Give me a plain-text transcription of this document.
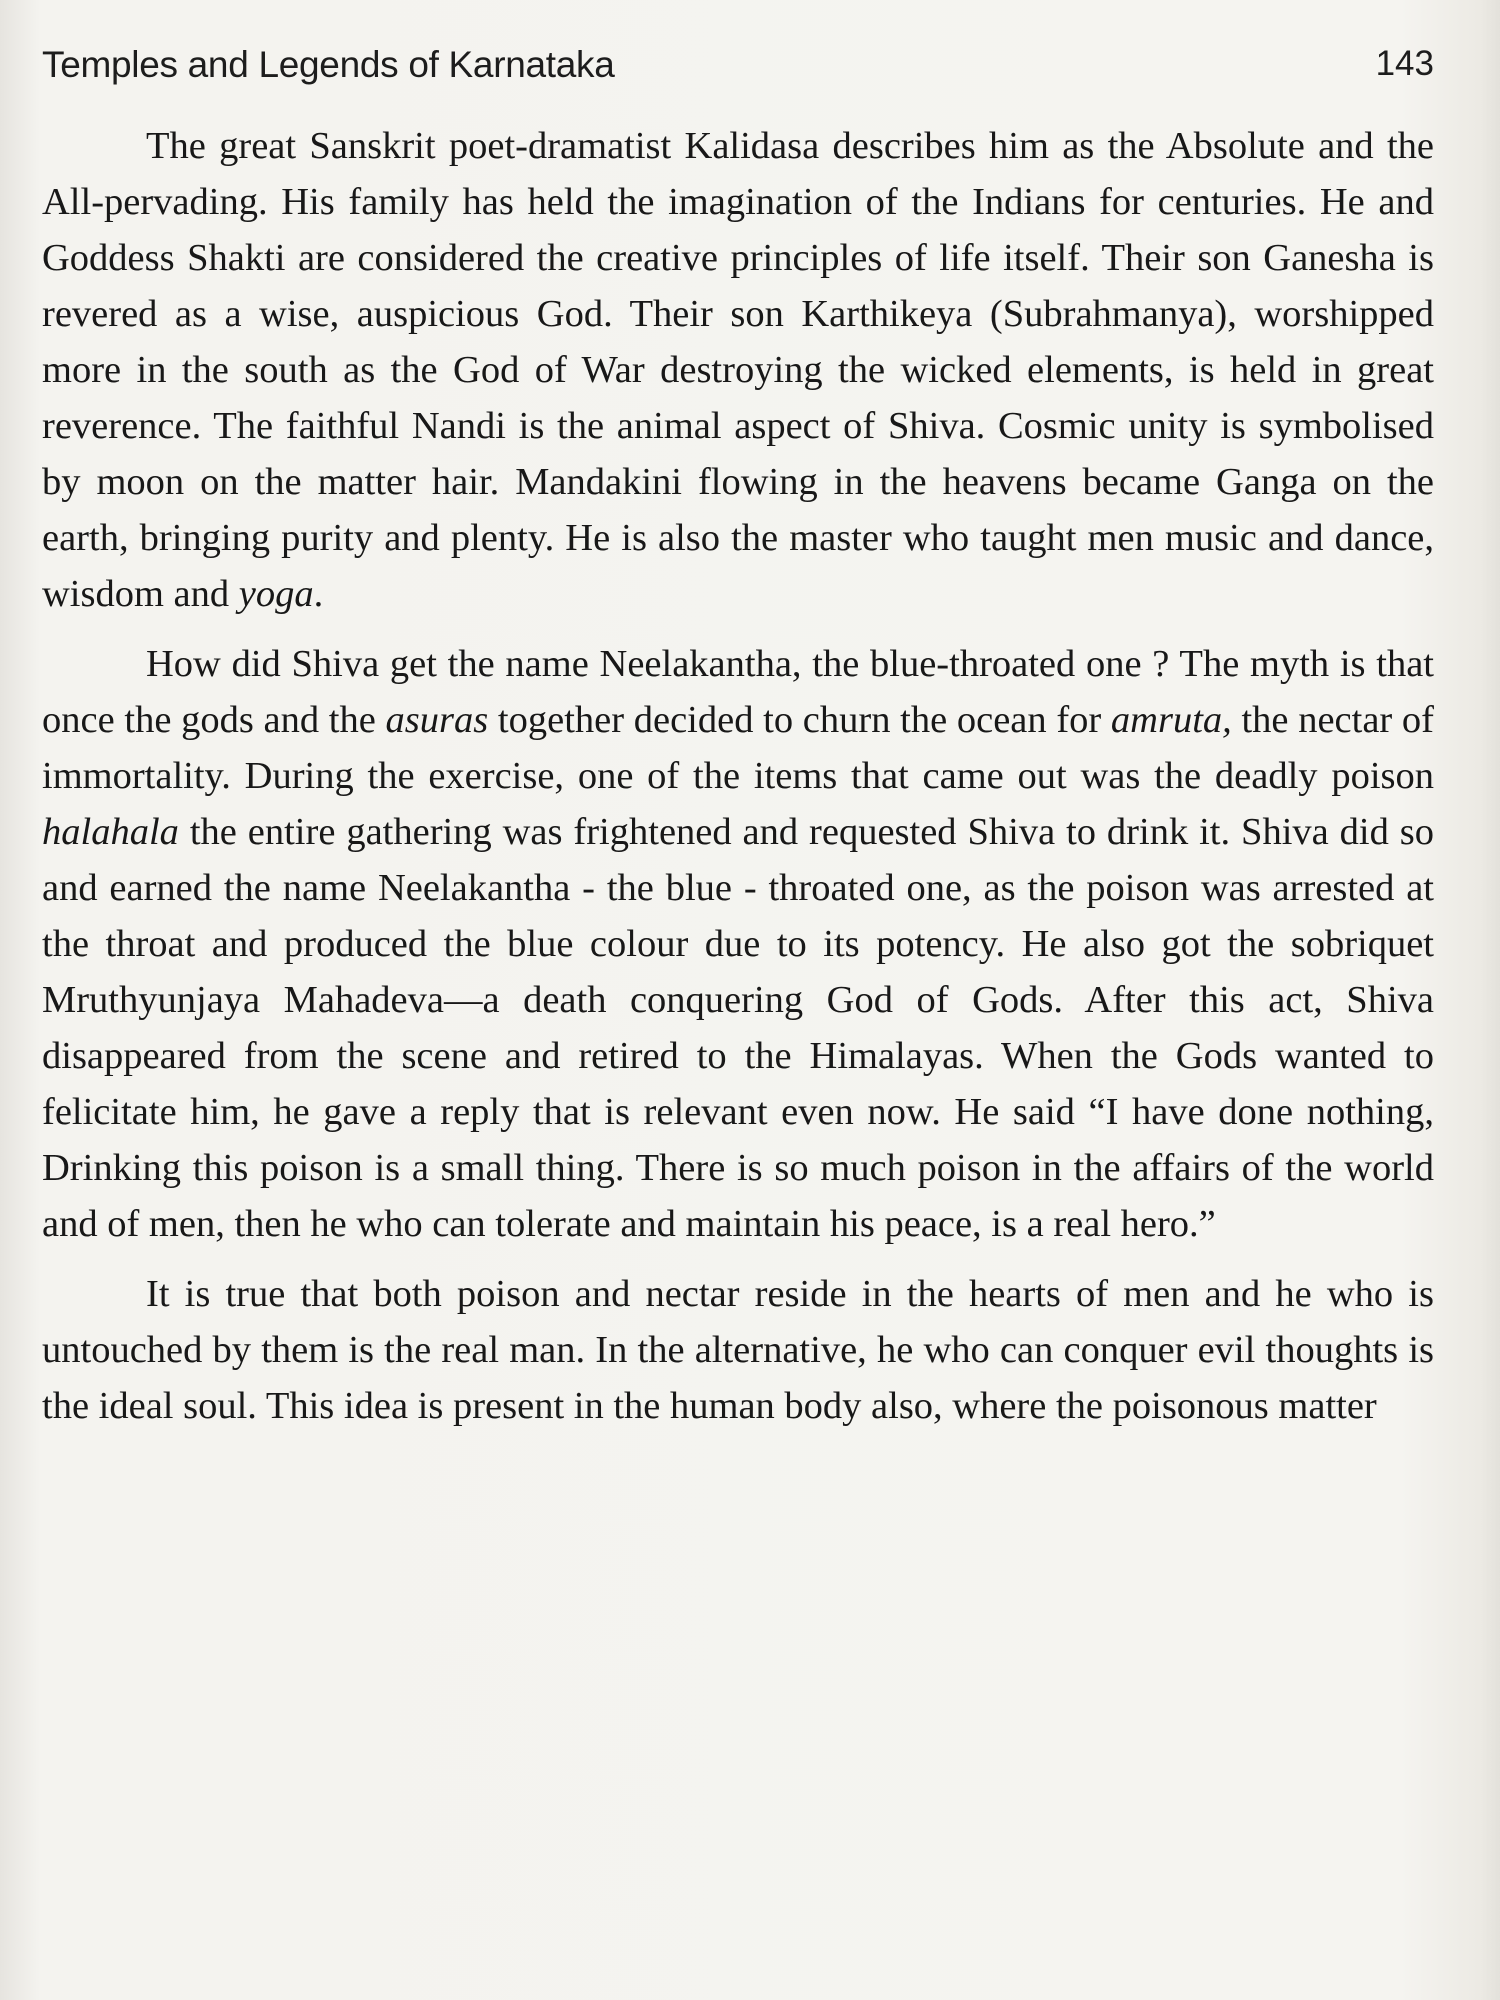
Temples and Legends of Karnataka	143

The great Sanskrit poet-dramatist Kalidasa describes him as the Absolute and the All-pervading. His family has held the imagination of the Indians for centuries. He and Goddess Shakti are considered the creative principles of life itself. Their son Ganesha is revered as a wise, auspicious God. Their son Karthikeya (Subrahmanya), worshipped more in the south as the God of War destroying the wicked elements, is held in great reverence. The faithful Nandi is the animal aspect of Shiva. Cosmic unity is symbolised by moon on the matter hair. Mandakini flowing in the heavens became Ganga on the earth, bringing purity and plenty. He is also the master who taught men music and dance, wisdom and yoga.

How did Shiva get the name Neelakantha, the blue-throated one ? The myth is that once the gods and the asuras together decided to churn the ocean for amruta, the nectar of immortality. During the exercise, one of the items that came out was the deadly poison halahala the entire gathering was frightened and requested Shiva to drink it. Shiva did so and earned the name Neelakantha - the blue - throated one, as the poison was arrested at the throat and produced the blue colour due to its potency. He also got the sobriquet Mruthyunjaya Mahadeva—a death conquering God of Gods. After this act, Shiva disappeared from the scene and retired to the Himalayas. When the Gods wanted to felicitate him, he gave a reply that is relevant even now. He said “I have done nothing, Drinking this poison is a small thing. There is so much poison in the affairs of the world and of men, then he who can tolerate and maintain his peace, is a real hero.”

It is true that both poison and nectar reside in the hearts of men and he who is untouched by them is the real man. In the alternative, he who can conquer evil thoughts is the ideal soul. This idea is present in the human body also, where the poisonous matter
